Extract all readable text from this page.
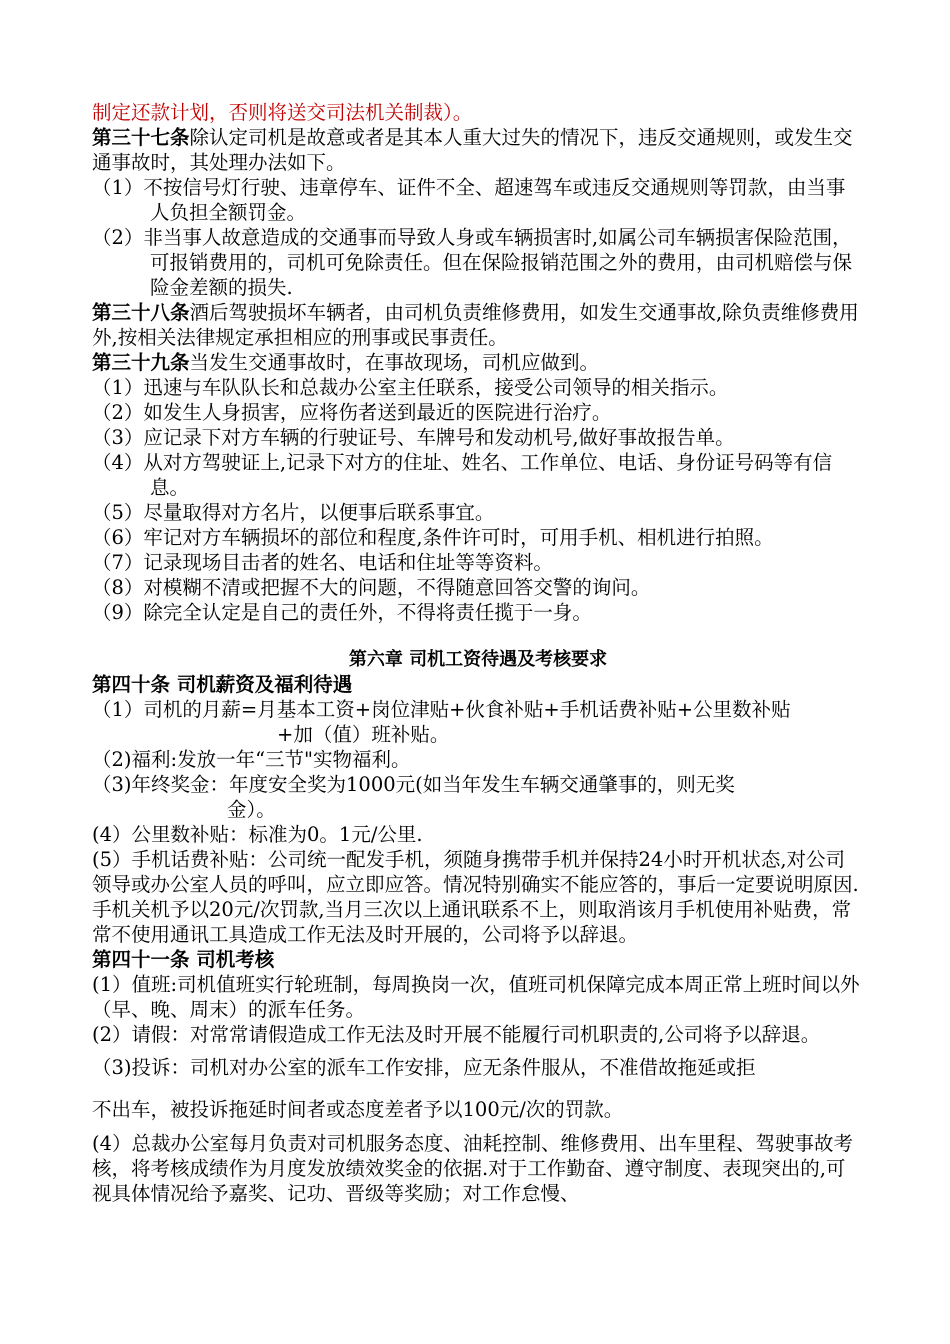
制定还款计划，否则将送交司法机关制裁）。

第三十七条除认定司机是故意或者是其本人重大过失的情况下，违反交通规则，或发生交通事故时，其处理办法如下。

（1）不按信号灯行驶、违章停车、证件不全、超速驾车或违反交通规则等罚款，由当事人负担全额罚金。

（2）非当事人故意造成的交通事而导致人身或车辆损害时,如属公司车辆损害保险范围，可报销费用的，司机可免除责任。但在保险报销范围之外的费用，由司机赔偿与保险金差额的损失.

第三十八条酒后驾驶损坏车辆者，由司机负责维修费用，如发生交通事故,除负责维修费用外,按相关法律规定承担相应的刑事或民事责任。

第三十九条当发生交通事故时，在事故现场，司机应做到。

（1）迅速与车队队长和总裁办公室主任联系，接受公司领导的相关指示。

（2）如发生人身损害，应将伤者送到最近的医院进行治疗。

（3）应记录下对方车辆的行驶证号、车牌号和发动机号,做好事故报告单。

（4）从对方驾驶证上,记录下对方的住址、姓名、工作单位、电话、身份证号码等有信息。

（5）尽量取得对方名片，以便事后联系事宜。

（6）牢记对方车辆损坏的部位和程度,条件许可时，可用手机、相机进行拍照。

（7）记录现场目击者的姓名、电话和住址等等资料。

（8）对模糊不清或把握不大的问题，不得随意回答交警的询问。

（9）除完全认定是自己的责任外，不得将责任揽于一身。

第六章 司机工资待遇及考核要求

第四十条 司机薪资及福利待遇

（1）司机的月薪=月基本工资+岗位津贴+伙食补贴+手机话费补贴+公里数补贴

+加（值）班补贴。

（2)福利:发放一年“三节"实物福利。

（3)年终奖金：年度安全奖为1000元(如当年发生车辆交通肇事的，则无奖

金）。

(4）公里数补贴：标准为0。1元/公里.

(5）手机话费补贴：公司统一配发手机，须随身携带手机并保持24小时开机状态,对公司领导或办公室人员的呼叫，应立即应答。情况特别确实不能应答的，事后一定要说明原因.手机关机予以20元/次罚款,当月三次以上通讯联系不上，则取消该月手机使用补贴费，常常不使用通讯工具造成工作无法及时开展的，公司将予以辞退。

第四十一条 司机考核

(1）值班:司机值班实行轮班制，每周换岗一次，值班司机保障完成本周正常上班时间以外（早、晚、周末）的派车任务。

(2）请假：对常常请假造成工作无法及时开展不能履行司机职责的,公司将予以辞退。

（3)投诉：司机对办公室的派车工作安排，应无条件服从，不准借故拖延或拒

不出车，被投诉拖延时间者或态度差者予以100元/次的罚款。

(4）总裁办公室每月负责对司机服务态度、油耗控制、维修费用、出车里程、驾驶事故考核，将考核成绩作为月度发放绩效奖金的依据.对于工作勤奋、遵守制度、表现突出的,可视具体情况给予嘉奖、记功、晋级等奖励；对工作怠慢、
